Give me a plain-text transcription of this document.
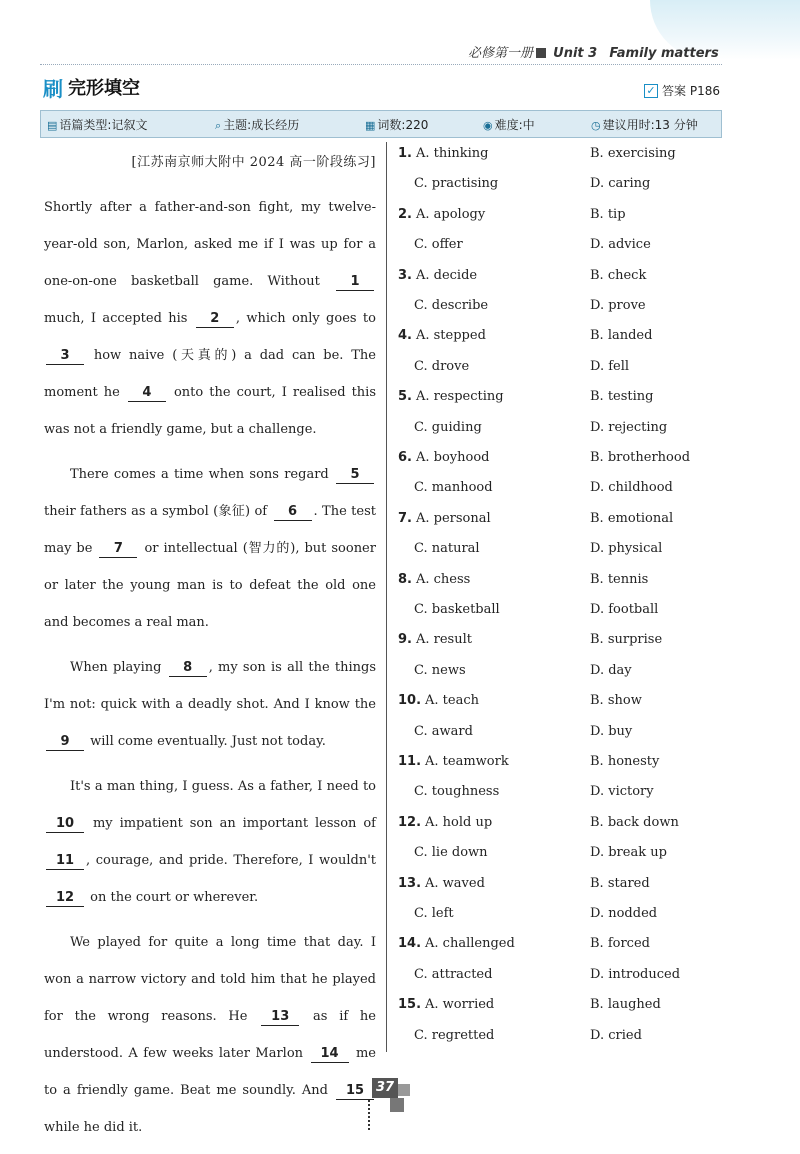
必修第一册 Unit 3 Family matters
刷 完形填空	✓ 答案 P186
▤ 语篇类型:记叙文	⌕ 主题:成长经历	▦ 词数:220	◉ 难度:中	◷ 建议用时:13 分钟

[江苏南京师大附中 2024 高一阶段练习]

Shortly after a father-and-son fight, my twelve-year-old son, Marlon, asked me if I was up for a one-on-one basketball game. Without 1 much, I accepted his 2 , which only goes to 3 how naive (天真的) a dad can be. The moment he 4 onto the court, I realised this was not a friendly game, but a challenge.

There comes a time when sons regard 5 their fathers as a symbol (象征) of 6 . The test may be 7 or intellectual (智力的), but sooner or later the young man is to defeat the old one and becomes a real man.

When playing 8 , my son is all the things I'm not: quick with a deadly shot. And I know the 9 will come eventually. Just not today.

It's a man thing, I guess. As a father, I need to 10 my impatient son an important lesson of 11 , courage, and pride. Therefore, I wouldn't 12 on the court or wherever.

We played for quite a long time that day. I won a narrow victory and told him that he played for the wrong reasons. He 13 as if he understood. A few weeks later Marlon 14 me to a friendly game. Beat me soundly. And 15 while he did it.

1. A. thinking	B. exercising
C. practising	D. caring
2. A. apology	B. tip
C. offer	D. advice
3. A. decide	B. check
C. describe	D. prove
4. A. stepped	B. landed
C. drove	D. fell
5. A. respecting	B. testing
C. guiding	D. rejecting
6. A. boyhood	B. brotherhood
C. manhood	D. childhood
7. A. personal	B. emotional
C. natural	D. physical
8. A. chess	B. tennis
C. basketball	D. football
9. A. result	B. surprise
C. news	D. day
10. A. teach	B. show
C. award	D. buy
11. A. teamwork	B. honesty
C. toughness	D. victory
12. A. hold up	B. back down
C. lie down	D. break up
13. A. waved	B. stared
C. left	D. nodded
14. A. challenged	B. forced
C. attracted	D. introduced
15. A. worried	B. laughed
C. regretted	D. cried
37
